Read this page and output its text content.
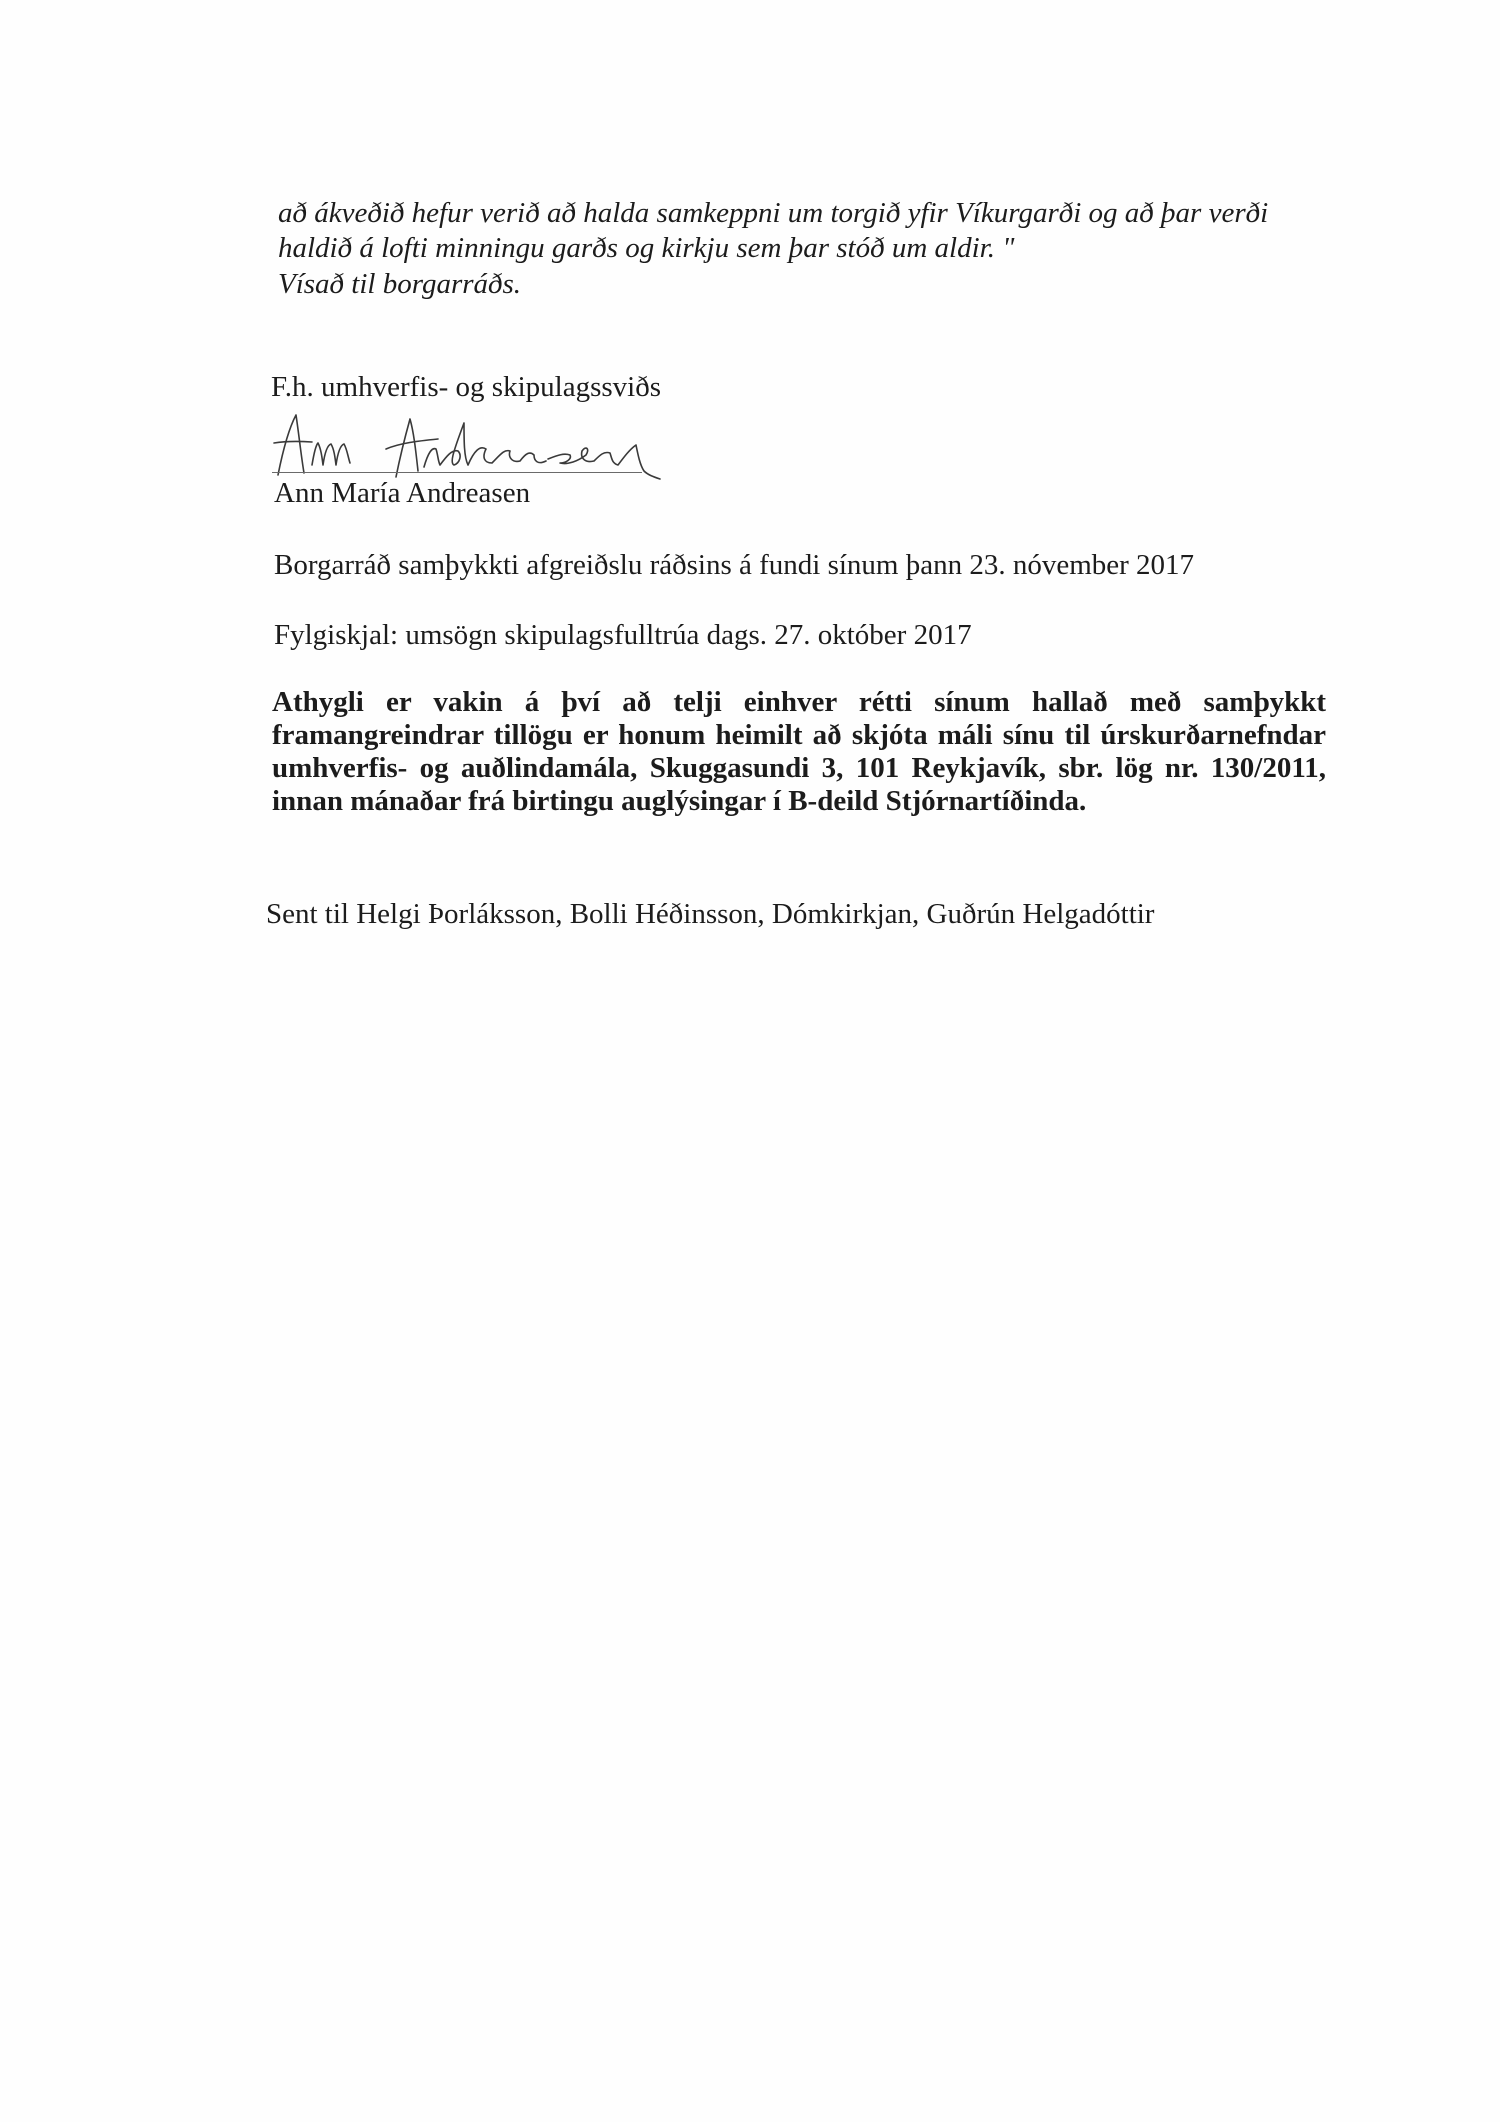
að ákveðið hefur verið að halda samkeppni um torgið yfir Víkurgarði og að þar verði
haldið á lofti minningu garðs og kirkju sem þar stóð um aldir. "
Vísað til borgarráðs.
F.h. umhverfis- og skipulagssviðs
Ann María Andreasen
Borgarráð samþykkti afgreiðslu ráðsins á fundi sínum þann 23. nóvember 2017
Fylgiskjal: umsögn skipulagsfulltrúa dags. 27. október 2017
Athygli er vakin á því að telji einhver rétti sínum hallað með samþykkt
framangreindrar tillögu er honum heimilt að skjóta máli sínu til úrskurðarnefndar
umhverfis- og auðlindamála, Skuggasundi 3, 101 Reykjavík, sbr. lög nr. 130/2011,
innan mánaðar frá birtingu auglýsingar í B-deild Stjórnartíðinda.
Sent til Helgi Þorláksson, Bolli Héðinsson, Dómkirkjan, Guðrún Helgadóttir
